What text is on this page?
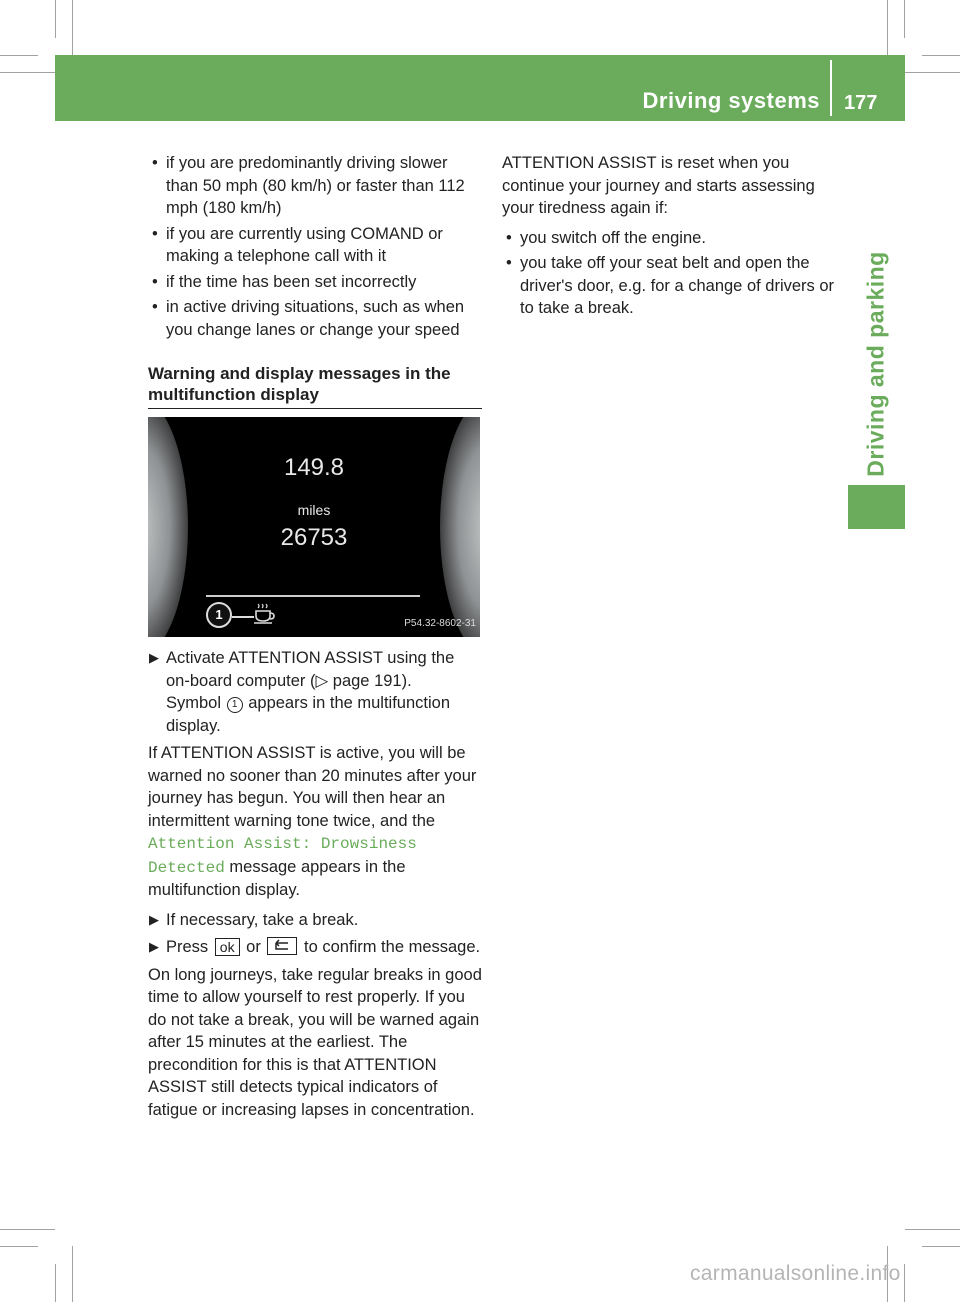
Driving systems 177
Driving and parking
• if you are predominantly driving slower than 50 mph (80 km/h) or faster than 112 mph (180 km/h)
• if you are currently using COMAND or making a telephone call with it
• if the time has been set incorrectly
• in active driving situations, such as when you change lanes or change your speed
Warning and display messages in the multifunction display
149.8
miles
26753
1
P54.32-8602-31
▶ Activate ATTENTION ASSIST using the on-board computer (▷ page 191).
Symbol 1 appears in the multifunction display.

If ATTENTION ASSIST is active, you will be warned no sooner than 20 minutes after your journey has begun. You will then hear an intermittent warning tone twice, and the Attention Assist: Drowsiness Detected message appears in the multifunction display.

▶ If necessary, take a break.
▶ Press ok or	to confirm the message.

On long journeys, take regular breaks in good time to allow yourself to rest properly. If you do not take a break, you will be warned again after 15 minutes at the earliest. The precondition for this is that ATTENTION ASSIST still detects typical indicators of fatigue or increasing lapses in concentration.

ATTENTION ASSIST is reset when you continue your journey and starts assessing your tiredness again if:

• you switch off the engine.
• you take off your seat belt and open the driver's door, e.g. for a change of drivers or to take a break.
carmanualsonline.info
